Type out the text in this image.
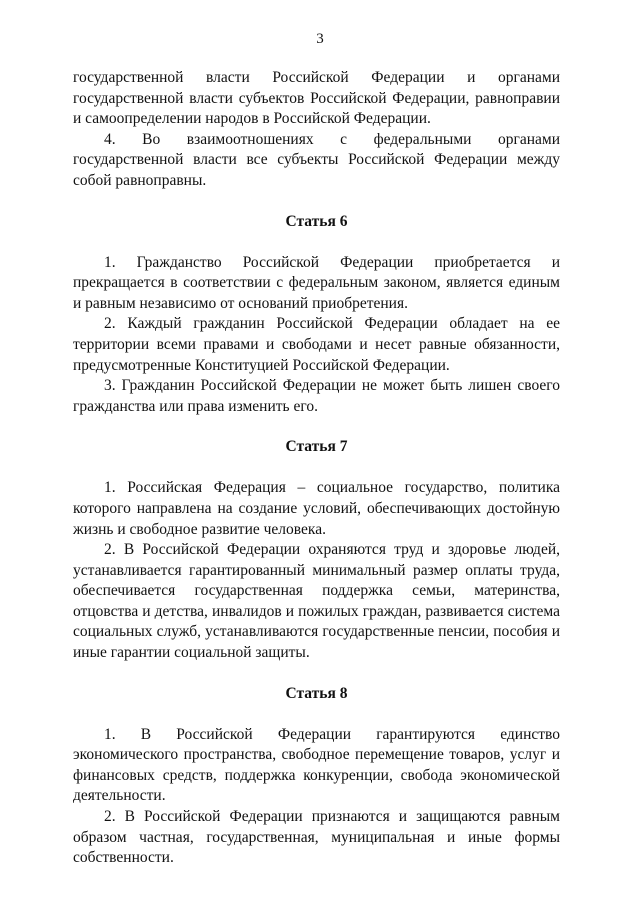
3

государственной власти Российской Федерации и органами государственной власти субъектов Российской Федерации, равноправии и самоопределении народов в Российской Федерации.

4. Во взаимоотношениях с федеральными органами государственной власти все субъекты Российской Федерации между собой равноправны.

Статья 6

1. Гражданство Российской Федерации приобретается и прекращается в соответствии с федеральным законом, является единым и равным независимо от оснований приобретения.

2. Каждый гражданин Российской Федерации обладает на ее территории всеми правами и свободами и несет равные обязанности, предусмотренные Конституцией Российской Федерации.

3. Гражданин Российской Федерации не может быть лишен своего гражданства или права изменить его.

Статья 7

1. Российская Федерация – социальное государство, политика которого направлена на создание условий, обеспечивающих достойную жизнь и свободное развитие человека.

2. В Российской Федерации охраняются труд и здоровье людей, устанавливается гарантированный минимальный размер оплаты труда, обеспечивается государственная поддержка семьи, материнства, отцовства и детства, инвалидов и пожилых граждан, развивается система социальных служб, устанавливаются государственные пенсии, пособия и иные гарантии социальной защиты.

Статья 8

1. В Российской Федерации гарантируются единство экономического пространства, свободное перемещение товаров, услуг и финансовых средств, поддержка конкуренции, свобода экономической деятельности.

2. В Российской Федерации признаются и защищаются равным образом частная, государственная, муниципальная и иные формы собственности.
